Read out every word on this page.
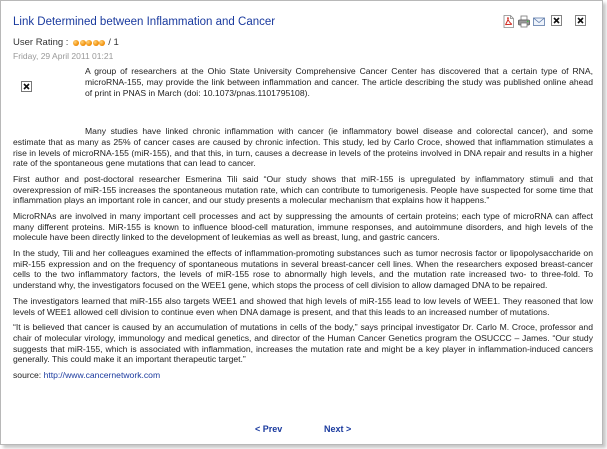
Link Determined between Inflammation and Cancer
User Rating :	/ 1
Friday, 29 April 2011 01:21

A group of researchers at the Ohio State University Comprehensive Cancer Center has discovered that a certain type of RNA, microRNA-155, may provide the link between inflammation and cancer. The article describing the study was published online ahead of print in PNAS in March (doi: 10.1073/pnas.1101795108).

Many studies have linked chronic inflammation with cancer (ie inflammatory bowel disease and colorectal cancer), and some estimate that as many as 25% of cancer cases are caused by chronic infection. This study, led by Carlo Croce, showed that inflammation stimulates a rise in levels of microRNA-155 (miR-155), and that this, in turn, causes a decrease in levels of the proteins involved in DNA repair and results in a higher rate of the spontaneous gene mutations that can lead to cancer.

First author and post-doctoral researcher Esmerina Tili said “Our study shows that miR-155 is upregulated by inflammatory stimuli and that overexpression of miR-155 increases the spontaneous mutation rate, which can contribute to tumorigenesis. People have suspected for some time that inflammation plays an important role in cancer, and our study presents a molecular mechanism that explains how it happens.”

MicroRNAs are involved in many important cell processes and act by suppressing the amounts of certain proteins; each type of microRNA can affect many different proteins. MiR-155 is known to influence blood-cell maturation, immune responses, and autoimmune disorders, and high levels of the molecule have been directly linked to the development of leukemias as well as breast, lung, and gastric cancers.

In the study, Tili and her colleagues examined the effects of inflammation-promoting substances such as tumor necrosis factor or lipopolysaccharide on miR-155 expression and on the frequency of spontaneous mutations in several breast-cancer cell lines. When the researchers exposed breast-cancer cells to the two inflammatory factors, the levels of miR-155 rose to abnormally high levels, and the mutation rate increased two- to three-fold. To understand why, the investigators focused on the WEE1 gene, which stops the process of cell division to allow damaged DNA to be repaired.

The investigators learned that miR-155 also targets WEE1 and showed that high levels of miR-155 lead to low levels of WEE1. They reasoned that low levels of WEE1 allowed cell division to continue even when DNA damage is present, and that this leads to an increased number of mutations.

“It is believed that cancer is caused by an accumulation of mutations in cells of the body,” says principal investigator Dr. Carlo M. Croce, professor and chair of molecular virology, immunology and medical genetics, and director of the Human Cancer Genetics program the OSUCCC – James. “Our study suggests that miR-155, which is associated with inflammation, increases the mutation rate and might be a key player in inflammation-induced cancers generally. This could make it an important therapeutic target.”

source: http://www.cancernetwork.com

< Prev	Next >
